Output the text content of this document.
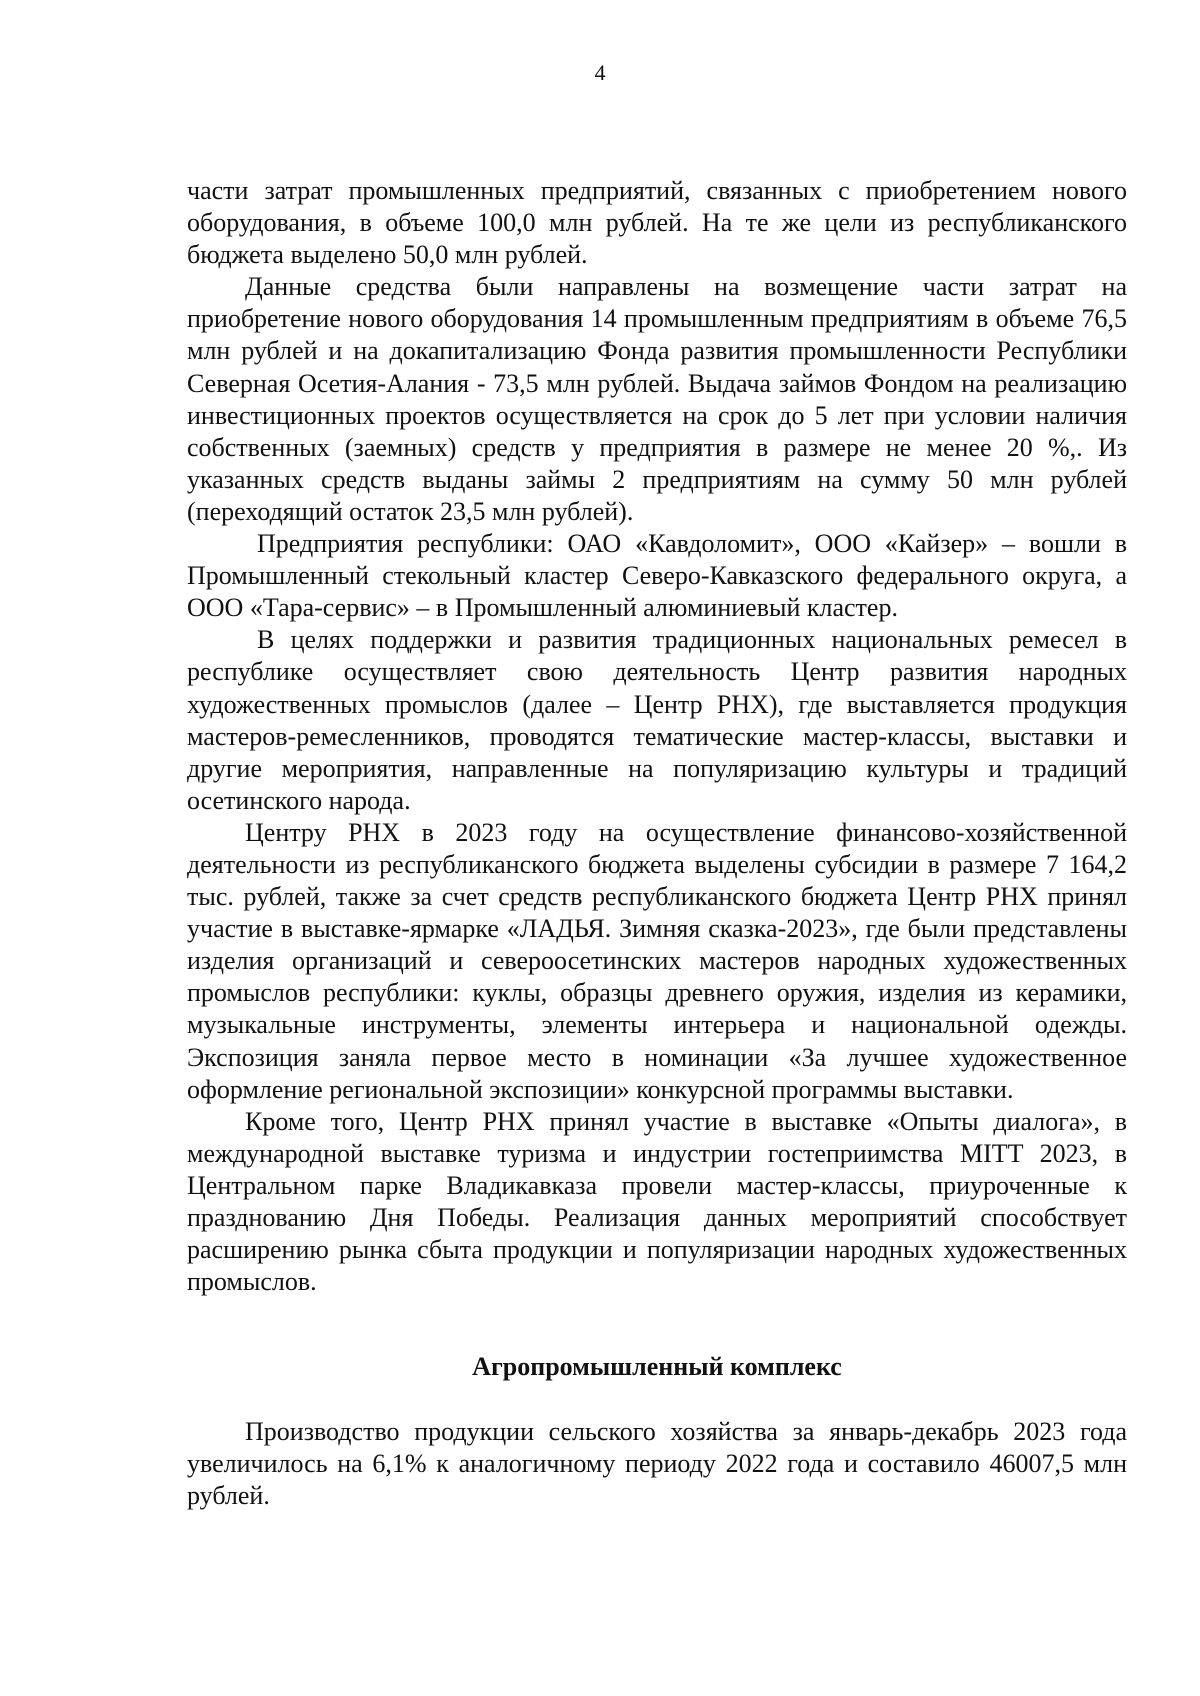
4

части затрат промышленных предприятий, связанных с приобретением нового оборудования, в объеме 100,0 млн рублей. На те же цели из республиканского бюджета выделено 50,0 млн рублей.

Данные средства были направлены на возмещение части затрат на приобретение нового оборудования 14 промышленным предприятиям в объеме 76,5 млн рублей и на докапитализацию Фонда развития промышленности Республики Северная Осетия-Алания - 73,5 млн рублей. Выдача займов Фондом на реализацию инвестиционных проектов осуществляется на срок до 5 лет при условии наличия собственных (заемных) средств у предприятия в размере не менее 20 %,. Из указанных средств выданы займы 2 предприятиям на сумму 50 млн рублей (переходящий остаток 23,5 млн рублей).

Предприятия республики: ОАО «Кавдоломит», ООО «Кайзер» – вошли в Промышленный стекольный кластер Северо-Кавказского федерального округа, а ООО «Тара-сервис» – в Промышленный алюминиевый кластер.

В целях поддержки и развития традиционных национальных ремесел в республике осуществляет свою деятельность Центр развития народных художественных промыслов (далее – Центр РНХ), где выставляется продукция мастеров-ремесленников, проводятся тематические мастер-классы, выставки и другие мероприятия, направленные на популяризацию культуры и традиций осетинского народа.

Центру РНХ в 2023 году на осуществление финансово-хозяйственной деятельности из республиканского бюджета выделены субсидии в размере 7 164,2 тыс. рублей, также за счет средств республиканского бюджета Центр РНХ принял участие в выставке-ярмарке «ЛАДЬЯ. Зимняя сказка-2023», где были представлены изделия организаций и североосетинских мастеров народных художественных промыслов республики: куклы, образцы древнего оружия, изделия из керамики, музыкальные инструменты, элементы интерьера и национальной одежды. Экспозиция заняла первое место в номинации «За лучшее художественное оформление региональной экспозиции» конкурсной программы выставки.

Кроме того, Центр РНХ принял участие в выставке «Опыты диалога», в международной выставке туризма и индустрии гостеприимства MITT 2023, в Центральном парке Владикавказа провели мастер-классы, приуроченные к празднованию Дня Победы. Реализация данных мероприятий способствует расширению рынка сбыта продукции и популяризации народных художественных промыслов.

Агропромышленный комплекс

Производство продукции сельского хозяйства за январь-декабрь 2023 года увеличилось на 6,1% к аналогичному периоду 2022 года и составило 46007,5 млн рублей.
